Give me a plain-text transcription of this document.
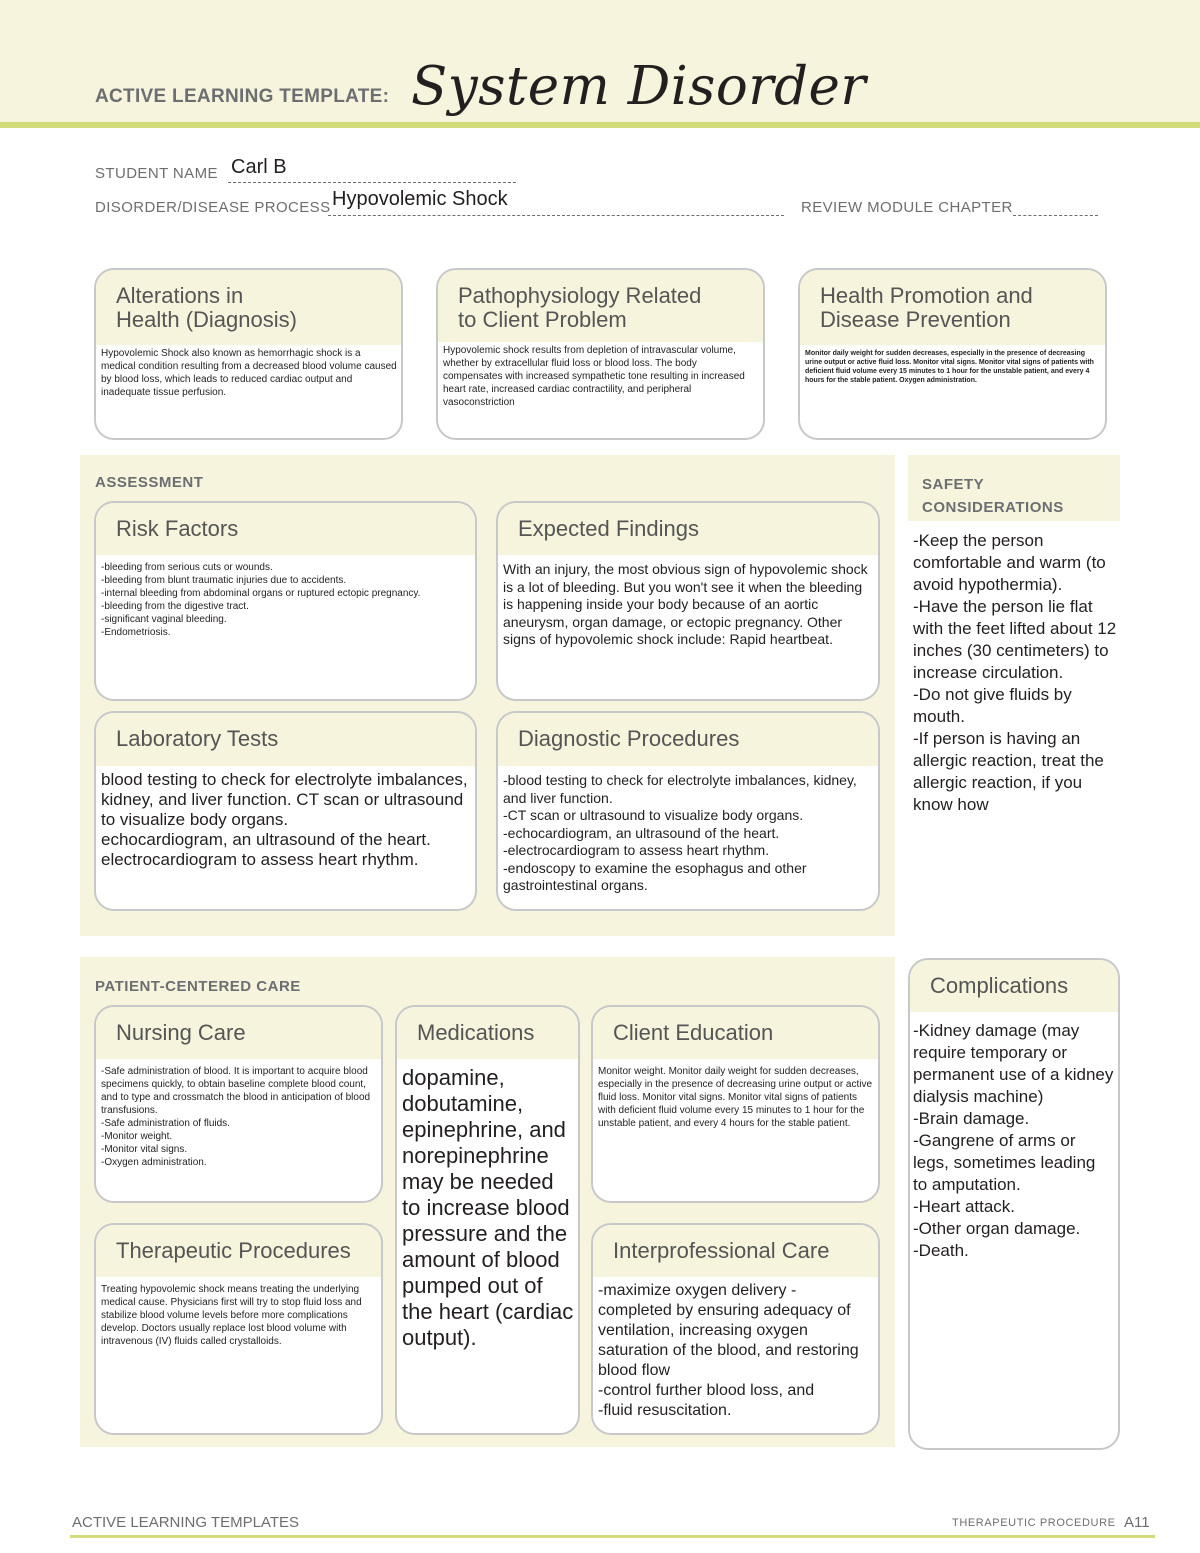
ACTIVE LEARNING TEMPLATE: System Disorder
STUDENT NAME Carl B
DISORDER/DISEASE PROCESS Hypovolemic Shock	REVIEW MODULE CHAPTER
Alterations in
Health (Diagnosis)
Hypovolemic Shock also known as hemorrhagic shock is a medical condition resulting from a decreased blood volume caused by blood loss, which leads to reduced cardiac output and inadequate tissue perfusion.
Pathophysiology Related
to Client Problem
Hypovolemic shock results from depletion of intravascular volume, whether by extracellular fluid loss or blood loss. The body compensates with increased sympathetic tone resulting in increased heart rate, increased cardiac contractility, and peripheral vasoconstriction
Health Promotion and
Disease Prevention
Monitor daily weight for sudden decreases, especially in the presence of decreasing urine output or active fluid loss. Monitor vital signs. Monitor vital signs of patients with deficient fluid volume every 15 minutes to 1 hour for the unstable patient, and every 4 hours for the stable patient. Oxygen administration.
ASSESSMENT
Risk Factors
-bleeding from serious cuts or wounds.
-bleeding from blunt traumatic injuries due to accidents.
-internal bleeding from abdominal organs or ruptured ectopic pregnancy.
-bleeding from the digestive tract.
-significant vaginal bleeding.
-Endometriosis.
Expected Findings
With an injury, the most obvious sign of hypovolemic shock is a lot of bleeding. But you won't see it when the bleeding is happening inside your body because of an aortic aneurysm, organ damage, or ectopic pregnancy. Other signs of hypovolemic shock include: Rapid heartbeat.
Laboratory Tests
blood testing to check for electrolyte imbalances, kidney, and liver function. CT scan or ultrasound to visualize body organs.
echocardiogram, an ultrasound of the heart.
electrocardiogram to assess heart rhythm.
Diagnostic Procedures
-blood testing to check for electrolyte imbalances, kidney, and liver function.
-CT scan or ultrasound to visualize body organs.
-echocardiogram, an ultrasound of the heart.
-electrocardiogram to assess heart rhythm.
-endoscopy to examine the esophagus and other gastrointestinal organs.
SAFETY
CONSIDERATIONS
-Keep the person comfortable and warm (to avoid hypothermia).
-Have the person lie flat with the feet lifted about 12 inches (30 centimeters) to increase circulation.
-Do not give fluids by mouth.
-If person is having an allergic reaction, treat the allergic reaction, if you know how
PATIENT-CENTERED CARE
Nursing Care
-Safe administration of blood. It is important to acquire blood specimens quickly, to obtain baseline complete blood count, and to type and crossmatch the blood in anticipation of blood transfusions.
-Safe administration of fluids.
-Monitor weight.
-Monitor vital signs.
-Oxygen administration.
Medications
dopamine, dobutamine, epinephrine, and norepinephrine may be needed to increase blood pressure and the amount of blood pumped out of the heart (cardiac output).
Client Education
Monitor weight. Monitor daily weight for sudden decreases, especially in the presence of decreasing urine output or active fluid loss. Monitor vital signs. Monitor vital signs of patients with deficient fluid volume every 15 minutes to 1 hour for the unstable patient, and every 4 hours for the stable patient.
Therapeutic Procedures
Treating hypovolemic shock means treating the underlying medical cause. Physicians first will try to stop fluid loss and stabilize blood volume levels before more complications develop. Doctors usually replace lost blood volume with intravenous (IV) fluids called crystalloids.
Interprofessional Care
-maximize oxygen delivery - completed by ensuring adequacy of ventilation, increasing oxygen saturation of the blood, and restoring blood flow
-control further blood loss, and
-fluid resuscitation.
Complications
-Kidney damage (may require temporary or permanent use of a kidney dialysis machine)
-Brain damage.
-Gangrene of arms or legs, sometimes leading to amputation.
-Heart attack.
-Other organ damage.
-Death.
ACTIVE LEARNING TEMPLATES	THERAPEUTIC PROCEDURE A11
